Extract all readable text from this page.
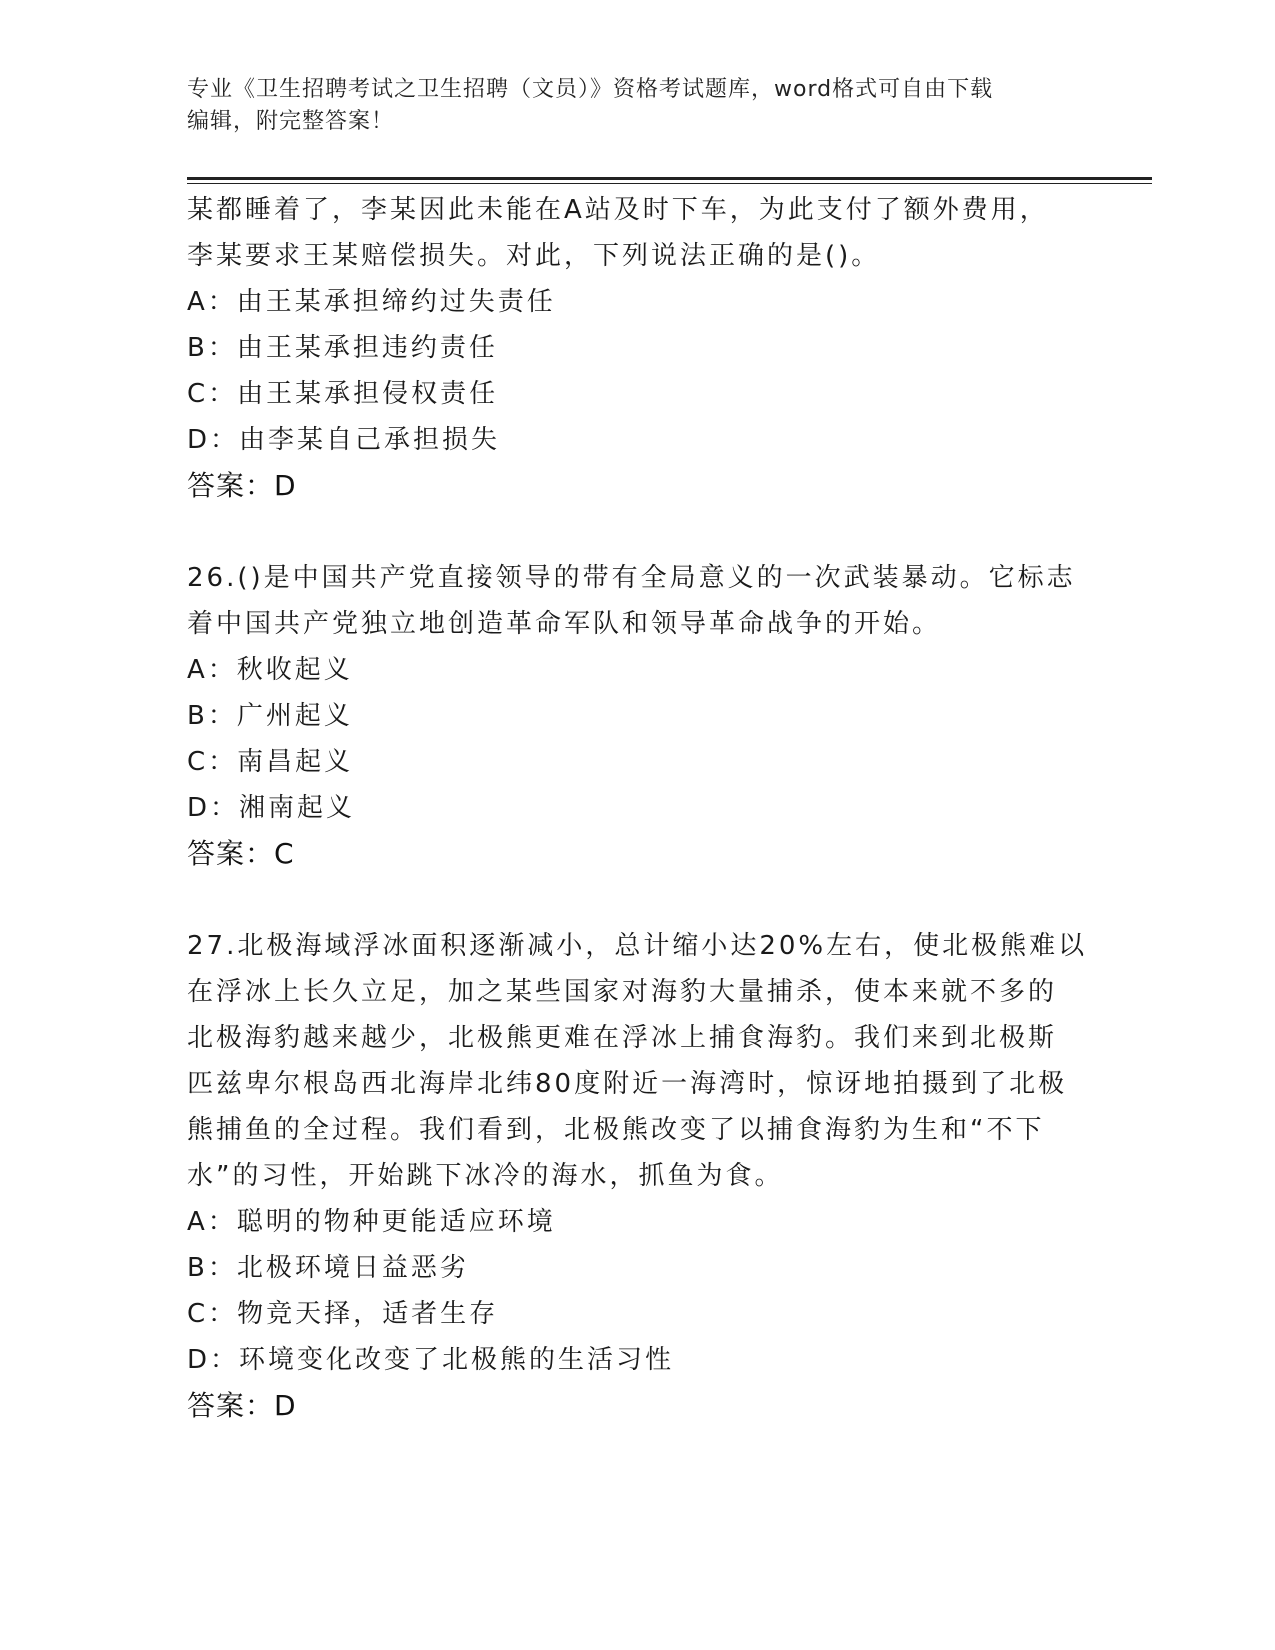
专业《卫生招聘考试之卫生招聘（文员）》资格考试题库，word格式可自由下载
编辑，附完整答案！
某都睡着了，李某因此未能在A站及时下车，为此支付了额外费用，
李某要求王某赔偿损失。对此，下列说法正确的是()。
A：由王某承担缔约过失责任
B：由王某承担违约责任
C：由王某承担侵权责任
D：由李某自己承担损失
答案：D
26.()是中国共产党直接领导的带有全局意义的一次武装暴动。它标志
着中国共产党独立地创造革命军队和领导革命战争的开始。
A：秋收起义
B：广州起义
C：南昌起义
D：湘南起义
答案：C
27.北极海域浮冰面积逐渐减小，总计缩小达20%左右，使北极熊难以
在浮冰上长久立足，加之某些国家对海豹大量捕杀，使本来就不多的
北极海豹越来越少，北极熊更难在浮冰上捕食海豹。我们来到北极斯
匹兹卑尔根岛西北海岸北纬80度附近一海湾时，惊讶地拍摄到了北极
熊捕鱼的全过程。我们看到，北极熊改变了以捕食海豹为生和“不下
水”的习性，开始跳下冰冷的海水，抓鱼为食。
A：聪明的物种更能适应环境
B：北极环境日益恶劣
C：物竞天择，适者生存
D：环境变化改变了北极熊的生活习性
答案：D
